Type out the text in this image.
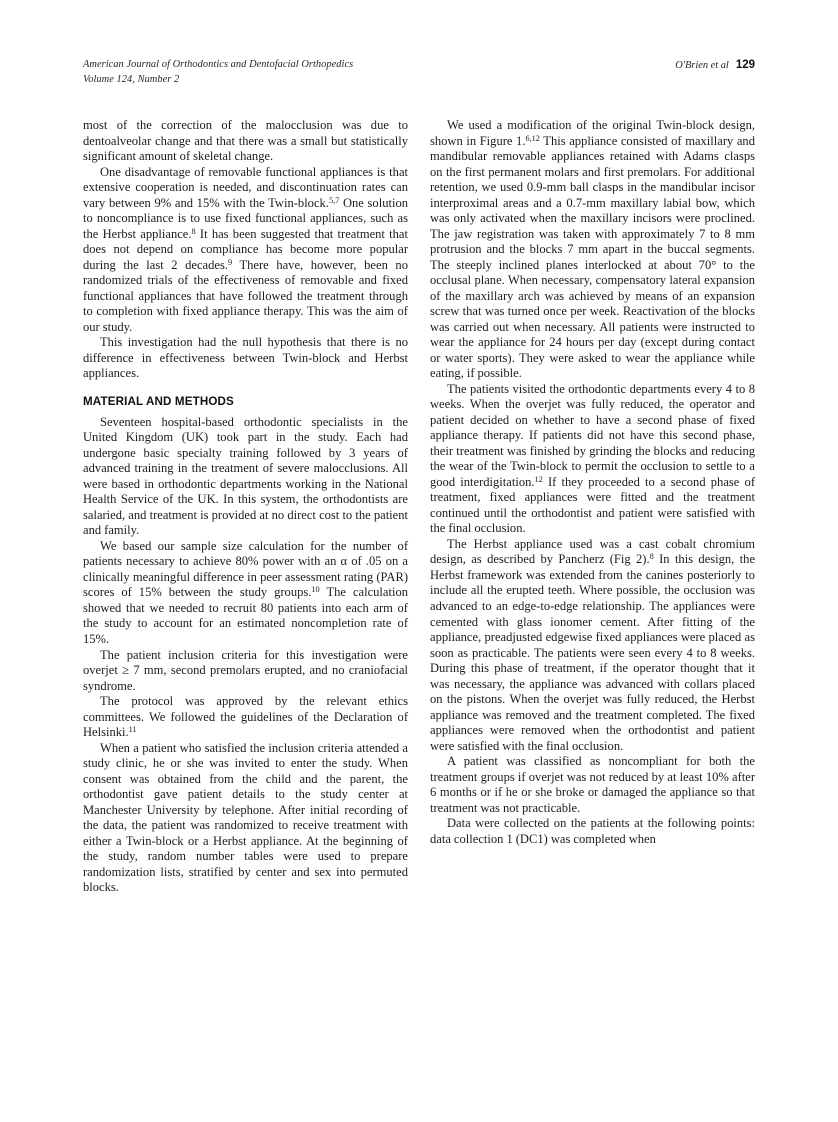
American Journal of Orthodontics and Dentofacial Orthopedics
Volume 124, Number 2
O'Brien et al 129

most of the correction of the malocclusion was due to dentoalveolar change and that there was a small but statistically significant amount of skeletal change.

One disadvantage of removable functional appliances is that extensive cooperation is needed, and discontinuation rates can vary between 9% and 15% with the Twin-block.$^{5,7}$ One solution to noncompliance is to use fixed functional appliances, such as the Herbst appliance.$^8$ It has been suggested that treatment that does not depend on compliance has become more popular during the last 2 decades.$^9$ There have, however, been no randomized trials of the effectiveness of removable and fixed functional appliances that have followed the treatment through to completion with fixed appliance therapy. This was the aim of our study.

This investigation had the null hypothesis that there is no difference in effectiveness between Twin-block and Herbst appliances.

MATERIAL AND METHODS

Seventeen hospital-based orthodontic specialists in the United Kingdom (UK) took part in the study. Each had undergone basic specialty training followed by 3 years of advanced training in the treatment of severe malocclusions. All were based in orthodontic departments working in the National Health Service of the UK. In this system, the orthodontists are salaried, and treatment is provided at no direct cost to the patient and family.

We based our sample size calculation for the number of patients necessary to achieve 80% power with an α of .05 on a clinically meaningful difference in peer assessment rating (PAR) scores of 15% between the study groups.$^{10}$ The calculation showed that we needed to recruit 80 patients into each arm of the study to account for an estimated noncompletion rate of 15%.

The patient inclusion criteria for this investigation were overjet ≥ 7 mm, second premolars erupted, and no craniofacial syndrome.

The protocol was approved by the relevant ethics committees. We followed the guidelines of the Declaration of Helsinki.$^{11}$

When a patient who satisfied the inclusion criteria attended a study clinic, he or she was invited to enter the study. When consent was obtained from the child and the parent, the orthodontist gave patient details to the study center at Manchester University by telephone. After initial recording of the data, the patient was randomized to receive treatment with either a Twin-block or a Herbst appliance. At the beginning of the study, random number tables were used to prepare randomization lists, stratified by center and sex into permuted blocks.

We used a modification of the original Twin-block design, shown in Figure 1.$^{6,12}$ This appliance consisted of maxillary and mandibular removable appliances retained with Adams clasps on the first permanent molars and first premolars. For additional retention, we used 0.9-mm ball clasps in the mandibular incisor interproximal areas and a 0.7-mm maxillary labial bow, which was only activated when the maxillary incisors were proclined. The jaw registration was taken with approximately 7 to 8 mm protrusion and the blocks 7 mm apart in the buccal segments. The steeply inclined planes interlocked at about 70° to the occlusal plane. When necessary, compensatory lateral expansion of the maxillary arch was achieved by means of an expansion screw that was turned once per week. Reactivation of the blocks was carried out when necessary. All patients were instructed to wear the appliance for 24 hours per day (except during contact or water sports). They were asked to wear the appliance while eating, if possible.

The patients visited the orthodontic departments every 4 to 8 weeks. When the overjet was fully reduced, the operator and patient decided on whether to have a second phase of fixed appliance therapy. If patients did not have this second phase, their treatment was finished by grinding the blocks and reducing the wear of the Twin-block to permit the occlusion to settle to a good interdigitation.$^{12}$ If they proceeded to a second phase of treatment, fixed appliances were fitted and the treatment continued until the orthodontist and patient were satisfied with the final occlusion.

The Herbst appliance used was a cast cobalt chromium design, as described by Pancherz (Fig 2).$^8$ In this design, the Herbst framework was extended from the canines posteriorly to include all the erupted teeth. Where possible, the occlusion was advanced to an edge-to-edge relationship. The appliances were cemented with glass ionomer cement. After fitting of the appliance, preadjusted edgewise fixed appliances were placed as soon as practicable. The patients were seen every 4 to 8 weeks. During this phase of treatment, if the operator thought that it was necessary, the appliance was advanced with collars placed on the pistons. When the overjet was fully reduced, the Herbst appliance was removed and the treatment completed. The fixed appliances were removed when the orthodontist and patient were satisfied with the final occlusion.

A patient was classified as noncompliant for both the treatment groups if overjet was not reduced by at least 10% after 6 months or if he or she broke or damaged the appliance so that treatment was not practicable.

Data were collected on the patients at the following points: data collection 1 (DC1) was completed when
